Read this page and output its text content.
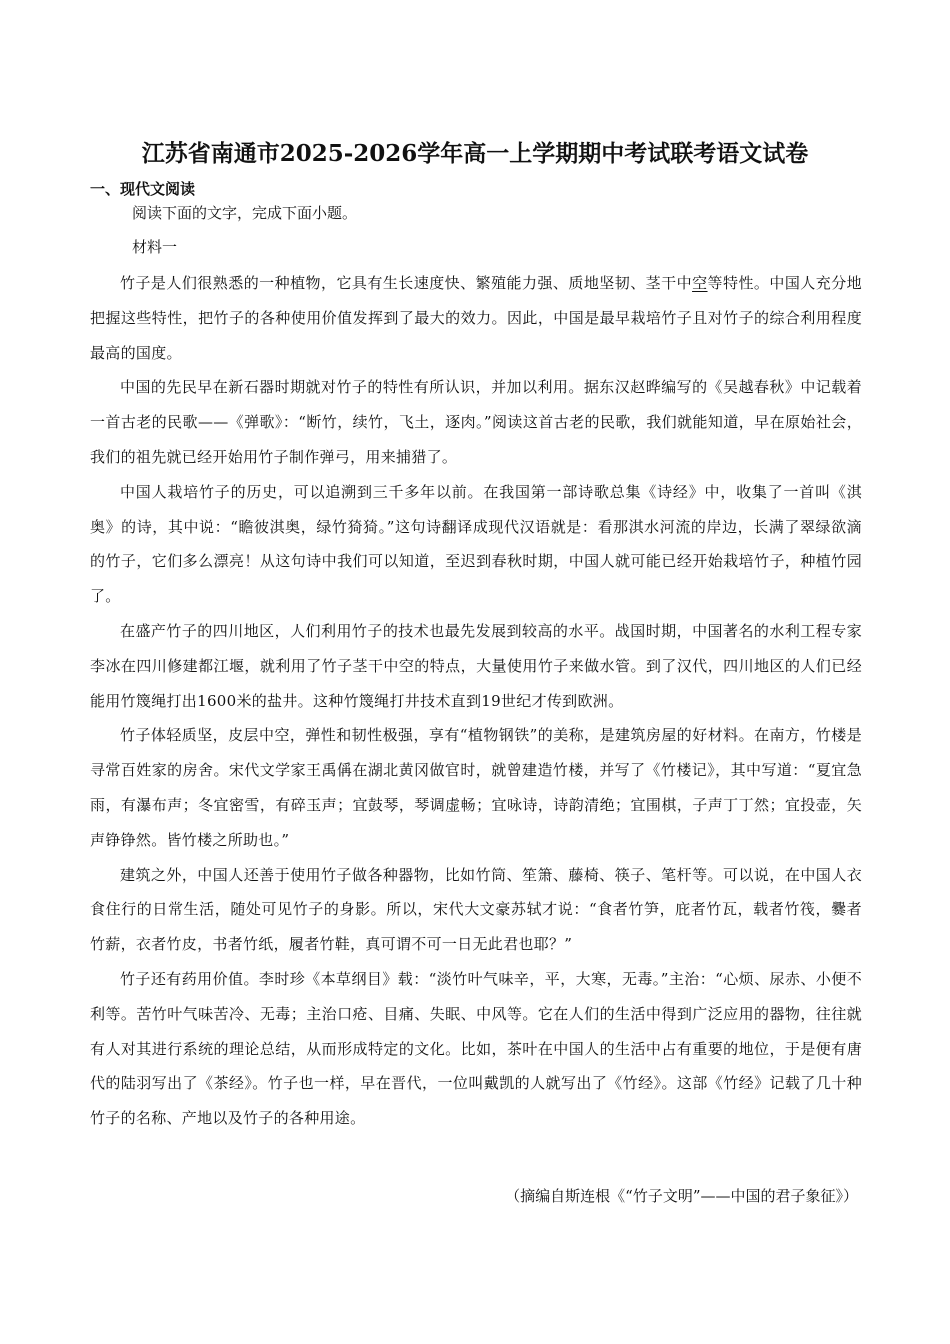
江苏省南通市2025-2026学年高一上学期期中考试联考语文试卷
一、现代文阅读
阅读下面的文字，完成下面小题。
材料一

竹子是人们很熟悉的一种植物，它具有生长速度快、繁殖能力强、质地坚韧、茎干中空等特性。中国人充分地把握这些特性，把竹子的各种使用价值发挥到了最大的效力。因此，中国是最早栽培竹子且对竹子的综合利用程度最高的国度。

中国的先民早在新石器时期就对竹子的特性有所认识，并加以利用。据东汉赵晔编写的《吴越春秋》中记载着一首古老的民歌——《弹歌》：“断竹，续竹，飞土，逐肉。”阅读这首古老的民歌，我们就能知道，早在原始社会，我们的祖先就已经开始用竹子制作弹弓，用来捕猎了。

中国人栽培竹子的历史，可以追溯到三千多年以前。在我国第一部诗歌总集《诗经》中，收集了一首叫《淇奥》的诗，其中说：“瞻彼淇奥，绿竹猗猗。”这句诗翻译成现代汉语就是：看那淇水河流的岸边，长满了翠绿欲滴的竹子，它们多么漂亮！从这句诗中我们可以知道，至迟到春秋时期，中国人就可能已经开始栽培竹子，种植竹园了。

在盛产竹子的四川地区，人们利用竹子的技术也最先发展到较高的水平。战国时期，中国著名的水利工程专家李冰在四川修建都江堰，就利用了竹子茎干中空的特点，大量使用竹子来做水管。到了汉代，四川地区的人们已经能用竹篾绳打出1600米的盐井。这种竹篾绳打井技术直到19世纪才传到欧洲。

竹子体轻质坚，皮层中空，弹性和韧性极强，享有“植物钢铁”的美称，是建筑房屋的好材料。在南方，竹楼是寻常百姓家的房舍。宋代文学家王禹偁在湖北黄冈做官时，就曾建造竹楼，并写了《竹楼记》，其中写道：“夏宜急雨，有瀑布声；冬宜密雪，有碎玉声；宜鼓琴，琴调虚畅；宜咏诗，诗韵清绝；宜围棋，子声丁丁然；宜投壶，矢声铮铮然。皆竹楼之所助也。”

建筑之外，中国人还善于使用竹子做各种器物，比如竹筒、笙箫、藤椅、筷子、笔杆等。可以说，在中国人衣食住行的日常生活，随处可见竹子的身影。所以，宋代大文豪苏轼才说：“食者竹笋，庇者竹瓦，载者竹筏，爨者竹薪，衣者竹皮，书者竹纸，履者竹鞋，真可谓不可一日无此君也耶？”

竹子还有药用价值。李时珍《本草纲目》载：“淡竹叶气味辛，平，大寒，无毒。”主治：“心烦、尿赤、小便不利等。苦竹叶气味苦冷、无毒；主治口疮、目痛、失眠、中风等。它在人们的生活中得到广泛应用的器物，往往就有人对其进行系统的理论总结，从而形成特定的文化。比如，茶叶在中国人的生活中占有重要的地位，于是便有唐代的陆羽写出了《茶经》。竹子也一样，早在晋代，一位叫戴凯的人就写出了《竹经》。这部《竹经》记载了几十种竹子的名称、产地以及竹子的各种用途。

（摘编自斯连根《“竹子文明”——中国的君子象征》）
